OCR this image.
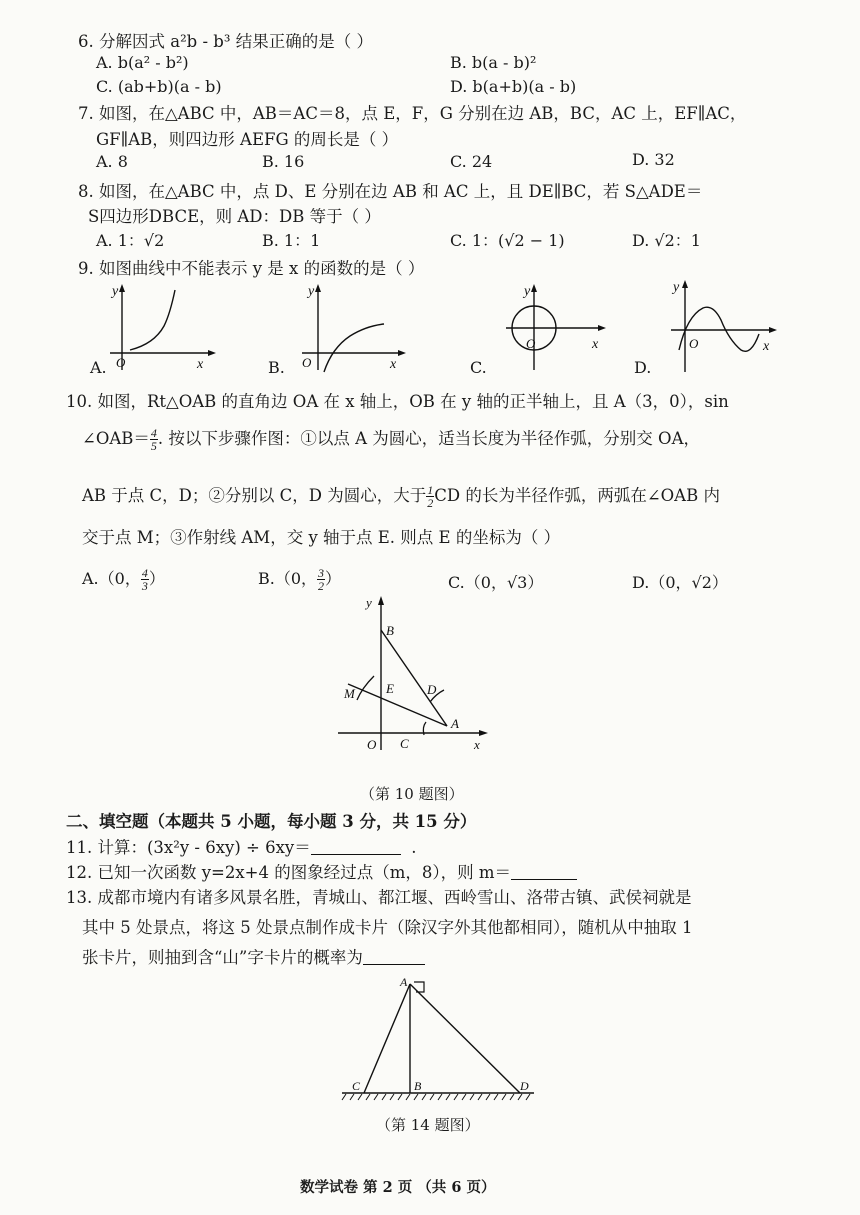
6. 分解因式 a²b - b³ 结果正确的是（ ）
A. b(a² - b²)	B. b(a - b)²
C. (ab+b)(a - b)	D. b(a+b)(a - b)
7. 如图，在△ABC 中，AB＝AC＝8，点 E，F，G 分别在边 AB，BC，AC 上，EF∥AC，
GF∥AB，则四边形 AEFG 的周长是（ ）
A. 8	B. 16	C. 24	D. 32
8. 如图，在△ABC 中，点 D、E 分别在边 AB 和 AC 上，且 DE∥BC，若 S△ADE＝
S四边形DBCE，则 AD：DB 等于（ ）
A. 1：√2	B. 1：1	C. 1：(√2 − 1)	D. √2：1
9. 如图曲线中不能表示 y 是 x 的函数的是（ ）
y
x
O
A.
y
x
O
B.
y
x
O
C.
y
x
O
D.
10. 如图，Rt△OAB 的直角边 OA 在 x 轴上，OB 在 y 轴的正半轴上，且 A（3，0），sin
∠OAB＝ $\frac{4}{5}$ . 按以下步骤作图：①以点 A 为圆心，适当长度为半径作弧，分别交 OA，
AB 于点 C，D；②分别以 C，D 为圆心，大于 $\frac{1}{2}$ CD 的长为半径作弧，两弧在∠OAB 内
交于点 M；③作射线 AM，交 y 轴于点 E. 则点 E 的坐标为（ ）
A.（0， $\frac{4}{3}$ ）	B.（0， $\frac{3}{2}$ ）	C.（0，√3）	D.（0，√2）
B
M E	D
A
O C	x
y
（第 10 题图）
二、填空题（本题共 5 小题，每小题 3 分，共 15 分）
11. 计算：(3x²y - 6xy) ÷ 6xy＝	.
12. 已知一次函数 y=2x+4 的图象经过点（m，8），则 m＝
13. 成都市境内有诸多风景名胜，青城山、都江堰、西岭雪山、洛带古镇、武侯祠就是
其中 5 处景点，将这 5 处景点制作成卡片（除汉字外其他都相同），随机从中抽取 1
张卡片，则抽到含“山”字卡片的概率为
A
B
C	D
（第 14 题图）
数学试卷 第 2 页 （共 6 页）
